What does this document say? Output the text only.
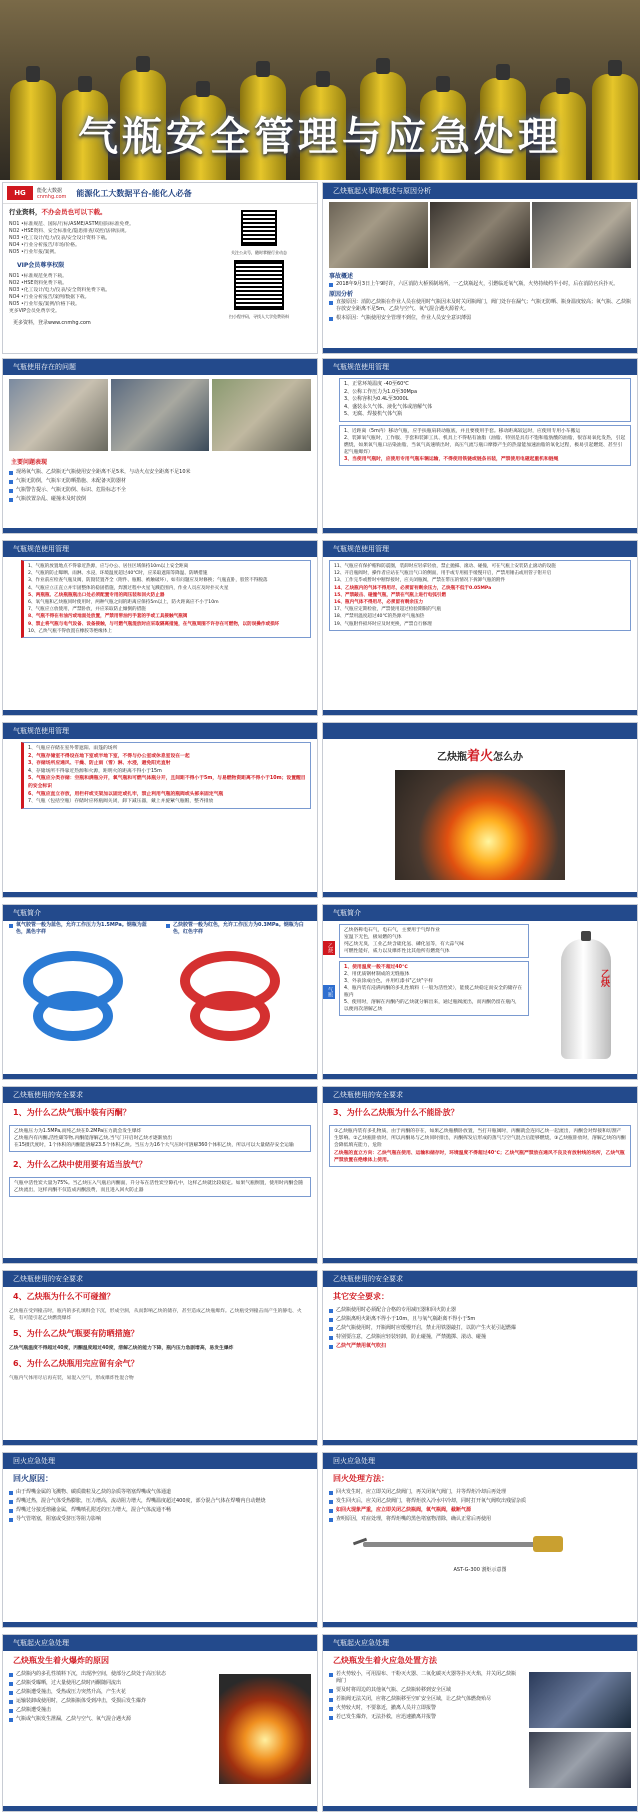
气瓶安全管理与应急处理
HG	能化大数据
cnmhg.com 能源化工大数据平台-能化人必备
行业资料，不办会员也可以下载。
NO1 •标准规范、国际/行标/ASME/ASTM/国际标准免费。
NO2 •HSE资料、安全标准化/隐患排查/双控/法律法规。
NO3 •化工设计/电力/仪表/安全设计资料下载。
NO4 •行业分析报告/市场/价格。
NO5 •行业年报/案例。
VIP会员尊享权限
NO1 •标准规范免费下载。
NO2 •HSE资料免费下载。
NO3 •化工设计/电力/仪表/安全资料免费下载。
NO4 •行业分析报告/案例/数据下载。
NO5 •行业年报/案例/价格下载。
更多VIP会员免费享受。
更多资料，登录www.cnmhg.com
关注公众号，随时掌握行业动态
扫小程序码，寻找人大学免费资料
乙炔瓶起火事故概述与原因分析
事故概述
2018年9月3日上午9时许，六区消防大桥预制场所，一乙炔瓶起火，引燃临近氧气瓶，火势持续约半小时，后在消防官兵扑灭。
原因分析
直接原因：消防乙炔瓶在作业人员在使用时气瓶因未及时关闭瓶阀门，阀门处存在漏气；气瓶无防晒、瓶身温度较高；氧气瓶、乙炔瓶存放安全距离不足5m，乙炔与空气、氧气混合遇火源着火。
根本原因：气瓶使用安全管理不到位，作业人员安全意识薄弱
气瓶使用存在的问题
主要问题表现
现场氧气瓶、乙炔瓶无气瓶使用安全距离不足5米，与动火点安全距离不足10米
气瓶无防倒，气瓶车无防晒措施、未配备灭防器材
气瓶警告提示、气瓶无防倒、标识、危险标志不全
气瓶放置杂乱、碰撞未及时放倒
气瓶规范使用管理
1、正常环境温度 -40至60℃
2、公称工作压力为1.0至30Mpa
3、公称容积为0.4L至3000L
4、盛装永久气体、液化气体或溶解气体
5、无腐、焊接机气体气瓶
1、近距离（5m内）移动气瓶，应手扶瓶肩转动瓶底，并且要使用手套。移动距离较远时，应使用专用小车搬运
2、装卸氧气瓶时，工作服、手套和装卸工具、机具上不得粘有油脂（油脂、特别是具有不饱和脂肪酸的油脂，很容易氧化发热，引起燃烧，如果氧气瓶口沾染油脂，当氧气高速喷出时，高压气流与瓶口摩擦产生的热量能加速油脂的氧化过程，极易引起燃烧、甚至引起气瓶爆炸）
3、当使用气瓶时，应使用专用气瓶车辆运输，不得使用铁链或链条吊装，严禁使用电磁起重机和链绳
气瓶规范使用管理
1、气瓶的放置地点不得靠近热源，应与办公、居住区域保持10m以上安全距离
2、气瓶的防止曝晒、雨淋、水浸，环境温度超过40℃时，应采取遮阳等降温、防晒措施
3、作业前应检查气瓶及阀，防毁装置齐全（附件、瓶帽、被触破坏），如有问题应及时修换；气瓶直卧，股管不得脱落
4、气瓶应立正直立并牢固整体的稳固措施，焊割过程中火星飞溅范围内，作业人员应及时扑灭火星
5、两瓶瓶、乙炔瓶瓶瓶出口处必须配置专用的阀压装和回火防止器
6、氧气瓶和乙炔瓶同时使用时，两种气瓶之间的距离应保持5m以上，防火距离应不小于10m
7、气瓶应立放使用，严禁卧放，并应采取防止倾倒的措施
8、气瓶不得在有油污或地面处放置，严禁用带油污手套的手或工具接触气瓶阀
9、禁止将气瓶与电气设备、设备接触，与可燃气瓶混放时应采取隔离措施，在气瓶周围不许存在可燃物，以防误操作或损坏
10、乙炔气瓶不得放置在橡胶等绝缘体上
气瓶规范使用管理
11、气瓶应有保护帽和防震圈，装卸时应轻拿轻放，禁止抛掷、滚动、碰撞，可在气瓶上安装防止滚动的设施
12、开启瓶阀时，操作者应站在气瓶出气口的侧面，用手或专用扳手缓慢开启，严禁用锤击或用管子钳开启
13、工作完毕或暂时中断焊接时，应关闭瓶阀，严禁在带压的情况下拆卸气瓶的附件
14、乙炔瓶内的气体不得用尽，必须留有剩余压力，乙炔瓶不低于0.05MPa
15、严禁敲击、碰撞气瓶，严禁在气瓶上进行电弧引燃
16、瓶内气体不得用尽，必须留有剩余压力
17、气瓶应定期检验，严禁使用超过检验期限的气瓶
18、严禁用温度超过40℃的热源对气瓶加热
19、气瓶附件损坏时应及时更换，严禁自行修理
气瓶规范使用管理
1、气瓶应存储在室外带遮阳、雨篷的场所
2、气瓶存储室不得设在地下室或半地下室，不得与办公室或休息室设在一起
3、存储场所应通风、干燥、防止雨（雪）淋、水浸，避免阳光直射
4、存储场所不得靠近热源和火源，距明火的距离不得小于15m
5、气瓶应分类存储：空瓶和满瓶分开，氧气瓶和可燃气体瓶分开，且间距不得小于5m，与易燃物资距离不得小于10m；设置醒目的安全标识
6、气瓶应直立存放，用栏杆或支架加以固定或扎牢，禁止利用气瓶的瓶阀或头部来固定气瓶
7、气瓶（包括空瓶）存储时应将瓶阀关闭，卸下减压器，戴上并旋紧气瓶帽，整齐排放
乙炔瓶着火怎么办
气瓶简介
氧气胶管一般为蓝色，允许工作压力为1.5MPa。钢瓶为蓝色，黑色字样
乙炔胶管一般为红色，允许工作压力为0.3MPa。钢瓶为白色，红色字样
气瓶简介
乙炔
气瓶
乙炔俗称电石气，电石气，主要用于气焊作业
室温下无色，极易燃的气体
纯乙炔无臭，工业乙炔含硫化氢、磷化氢等，有大蒜气味
可燃性能好，威力以及爆炸性比其他所有燃烧气体
1、使用温度一般不超过40℃
2、用优质钢材制成的无缝瓶体
3、外表涂成白色，并用红漆书"乙炔"字样
4、瓶内装有浸满丙酮的多孔性填料（一般为活性炭），能使乙炔稳定而安全的储存在瓶内
5、使用时，溶解在丙酮内的乙炔就分解出来，通过瓶阀流出，而丙酮仍留在瓶内，以便再次溶解乙炔
乙炔
乙炔瓶使用的安全要求
1、为什么乙炔气瓶中装有丙酮？
乙炔瓶压力为1.5MPa,而纯乙炔在0.2MPa压力就会发生爆炸
乙炔瓶内有丙酮,活性碳等物,丙酮能溶解乙炔,当气门开启时乙炔才逐渐放出
在15摄氏度时，1个体积的丙酮能溶解23.5个体积乙炔。当压力为16个大气压时可溶解360个体积乙炔，所以可以大量储存安全运输
2、为什么乙炔中使用要有适当放气？
气瓶中活性炭大量为75%。当乙炔压入气瓶后丙酮面，升分布在活性炭空隙孔中，这样乙炔就比较稳定。如果气瓶倒置，使用时丙酮会随乙炔流出，这样丙酮不仅造成丙酮浪费，而且进入回火防止器
乙炔瓶使用的安全要求
3、为什么乙炔瓶为什么不能卧放？
①乙炔瓶内装有多孔物质，由于丙酮的存在，如果乙炔瓶横卧放置，当打开瓶阀时，丙酮就会连同乙炔一起流出，丙酮会对焊接和切割产生影响。②乙炔瓶卧放时，所以丙酮易与乙炔同时排出，丙酮挥发后形成的蒸气与空气混合后能够燃烧，③乙炔瓶卧放时，溶解乙炔的丙酮会降低填充能力，危险
乙炔瓶的直立方向：乙炔气瓶在使用、运输和储存时，环境温度不得超过40℃；乙炔气瓶严禁放在通风不良及有放射线的场所，乙炔气瓶严禁放置在绝缘体上使用。
乙炔瓶使用的安全要求
4、乙炔瓶为什么不可碰撞？
乙炔瓶在受到撞击时，瓶内的多孔填料会下沉，形成空洞，从而影响乙炔的储存，甚至造成乙炔瓶爆炸。乙炔瓶受到撞击而产生的静电、火花，有可能引起乙炔燃烧爆炸
5、为什么乙炔气瓶要有防晒措施？
乙炔气瓶温度不得超过40度，丙酮温度超过40度，溶解乙炔的能力下降，瓶内压力急剧增高，易发生爆炸
6、为什么乙炔瓶用完应留有余气？
气瓶内气体用尽后再充装，易混入空气，形成爆炸性混合物
乙炔瓶使用的安全要求
其它安全要求：
乙炔瓶使用时必须配合合格的专用减压器和回火防止器
乙炔瓶离明火距离不得小于10m，且与氧气瓶距离不得小于5m
乙炔气瓶使用时，开瓶阀时应缓慢开启，禁止用铁器敲打，以防产生火花引起燃爆
特别要注意，乙炔瓶应轻装轻卸，防止碰撞，严禁抛掷、滚动、碰撞
乙炔气严禁用氧气吹扫
回火应急处理
回火原因：
由于焊嘴金属的飞溅物、碳质微粒及乙炔的杂质等堵塞焊嘴或气体通道
焊嘴过热，混合气体受热膨胀，压力增高，流动阻力增大，焊嘴温度超过400度，部分混合气体在焊嘴内自动燃烧
焊嘴过分接近熔融金属，焊嘴喷孔附近的压力增大，混合气体流通不畅
导气管堵塞，阻塞或受挤压等阻力影响
回火应急处理
回火处理方法：
回火发生时，应立即关闭乙炔阀门，再关闭氧气阀门，并等焊炬冷却后再处理
发生回火后，应关闭乙炔阀门，将焊炬放入冷水中冷却，同时打开氧气阀吹出残留杂质
如回火现象严重，应立即关闭乙炔瓶阀，氧气瓶阀，截断气源
查明原因，对症处理，将焊炬嘴的黑色堵塞物清除，确认正常后再使用
AST-G-300 割炬示意图
气瓶起火应急处理
乙炔瓶发生着火爆炸的原因
乙炔瓶内的多孔性填料下沉，出现净空间，使部分乙炔处于高压状态
乙炔瓶受曝晒，过大量使用乙炔时丙酮随同流出
乙炔瓶遭受撞击，受热或压力突然升高，产生火花
运输装卸或使用时，乙炔瓶瓶体受到冲击，受损后发生爆炸
乙炔瓶遭受撞击
气瓶或气瓶发生泄漏，乙炔与空气、氧气混合遇火源
气瓶起火应急处理
乙炔瓶发生着火应急处置方法
若火势较小，可用湿布、干粉灭火器、二氧化碳灭火器等扑灭火焰，并关闭乙炔瓶阀门
要及时将周边的其他氧气瓶、乙炔瓶转移到安全区域
若瓶阀无法关闭，应将乙炔瓶移至空旷安全区域，让乙炔气体燃烧殆尽
火势较大时，不要靠近，撤离人员并立即报警
若已发生爆炸，无法扑救，应迅速撤离并报警
